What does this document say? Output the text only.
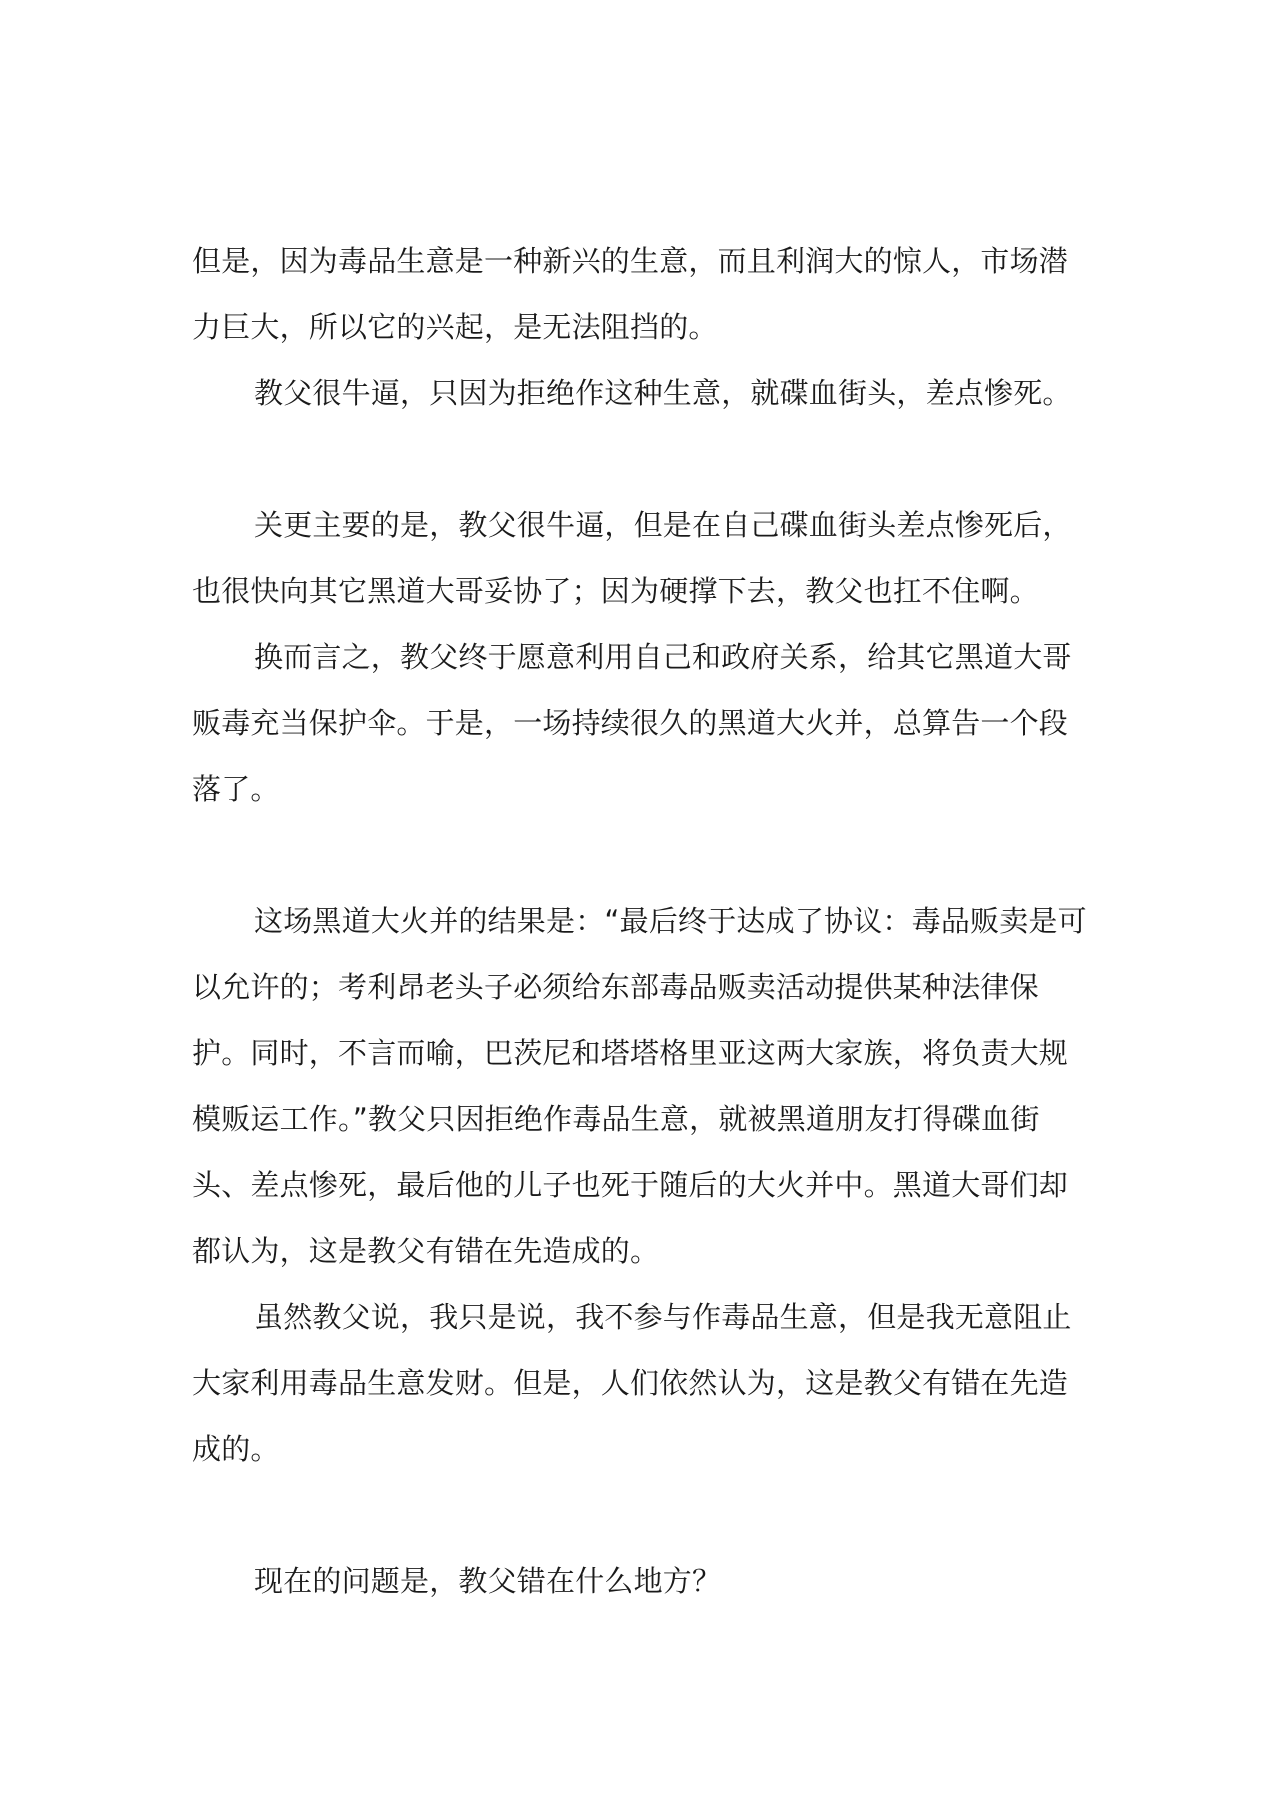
但是，因为毒品生意是一种新兴的生意，而且利润大的惊人，市场潜力巨大，所以它的兴起，是无法阻挡的。

教父很牛逼，只因为拒绝作这种生意，就碟血街头，差点惨死。

关更主要的是，教父很牛逼，但是在自己碟血街头差点惨死后，也很快向其它黑道大哥妥协了；因为硬撑下去，教父也扛不住啊。

换而言之，教父终于愿意利用自己和政府关系，给其它黑道大哥贩毒充当保护伞。于是，一场持续很久的黑道大火并，总算告一个段落了。

这场黑道大火并的结果是：“最后终于达成了协议：毒品贩卖是可以允许的；考利昂老头子必须给东部毒品贩卖活动提供某种法律保护。同时，不言而喻，巴茨尼和塔塔格里亚这两大家族，将负责大规模贩运工作。”教父只因拒绝作毒品生意，就被黑道朋友打得碟血街头、差点惨死，最后他的儿子也死于随后的大火并中。黑道大哥们却都认为，这是教父有错在先造成的。

虽然教父说，我只是说，我不参与作毒品生意，但是我无意阻止大家利用毒品生意发财。但是，人们依然认为，这是教父有错在先造成的。

现在的问题是，教父错在什么地方？
